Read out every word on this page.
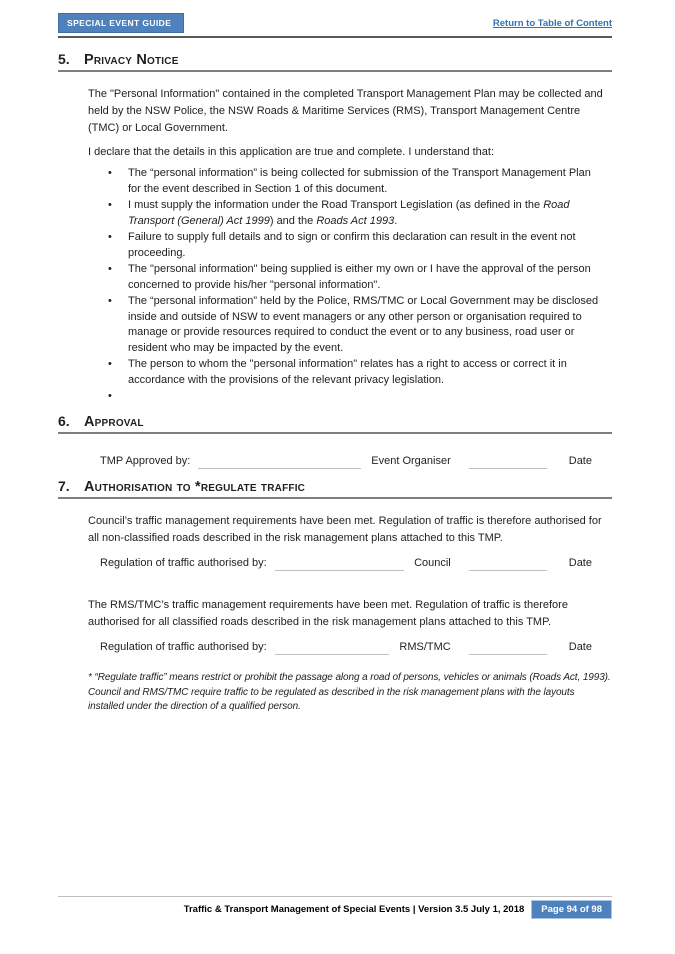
SPECIAL EVENT GUIDE	Return to Table of Content
5. Privacy Notice

The "Personal Information" contained in the completed Transport Management Plan may be collected and held by the NSW Police, the NSW Roads & Maritime Services (RMS), Transport Management Centre (TMC) or Local Government.

I declare that the details in this application are true and complete. I understand that:

• The “personal information” is being collected for submission of the Transport Management Plan for the event described in Section 1 of this document.
• I must supply the information under the Road Transport Legislation (as defined in the Road Transport (General) Act 1999) and the Roads Act 1993.
• Failure to supply full details and to sign or confirm this declaration can result in the event not proceeding.
• The "personal information" being supplied is either my own or I have the approval of the person concerned to provide his/her "personal information".
• The “personal information” held by the Police, RMS/TMC or Local Government may be disclosed inside and outside of NSW to event managers or any other person or organisation required to manage or provide resources required to conduct the event or to any business, road user or resident who may be impacted by the event.
• The person to whom the "personal information" relates has a right to access or correct it in accordance with the provisions of the relevant privacy legislation.
•
6. Approval
TMP Approved by:	Event Organiser	Date
7. Authorisation to *regulate traffic

Council’s traffic management requirements have been met. Regulation of traffic is therefore authorised for all non-classified roads described in the risk management plans attached to this TMP.

Regulation of traffic authorised by:	Council	Date

The RMS/TMC’s traffic management requirements have been met. Regulation of traffic is therefore authorised for all classified roads described in the risk management plans attached to this TMP.

Regulation of traffic authorised by:	RMS/TMC	Date

* “Regulate traffic” means restrict or prohibit the passage along a road of persons, vehicles or animals (Roads Act, 1993). Council and RMS/TMC require traffic to be regulated as described in the risk management plans with the layouts installed under the direction of a qualified person.

Traffic & Transport Management of Special Events | Version 3.5 July 1, 2018	Page 94 of 98
